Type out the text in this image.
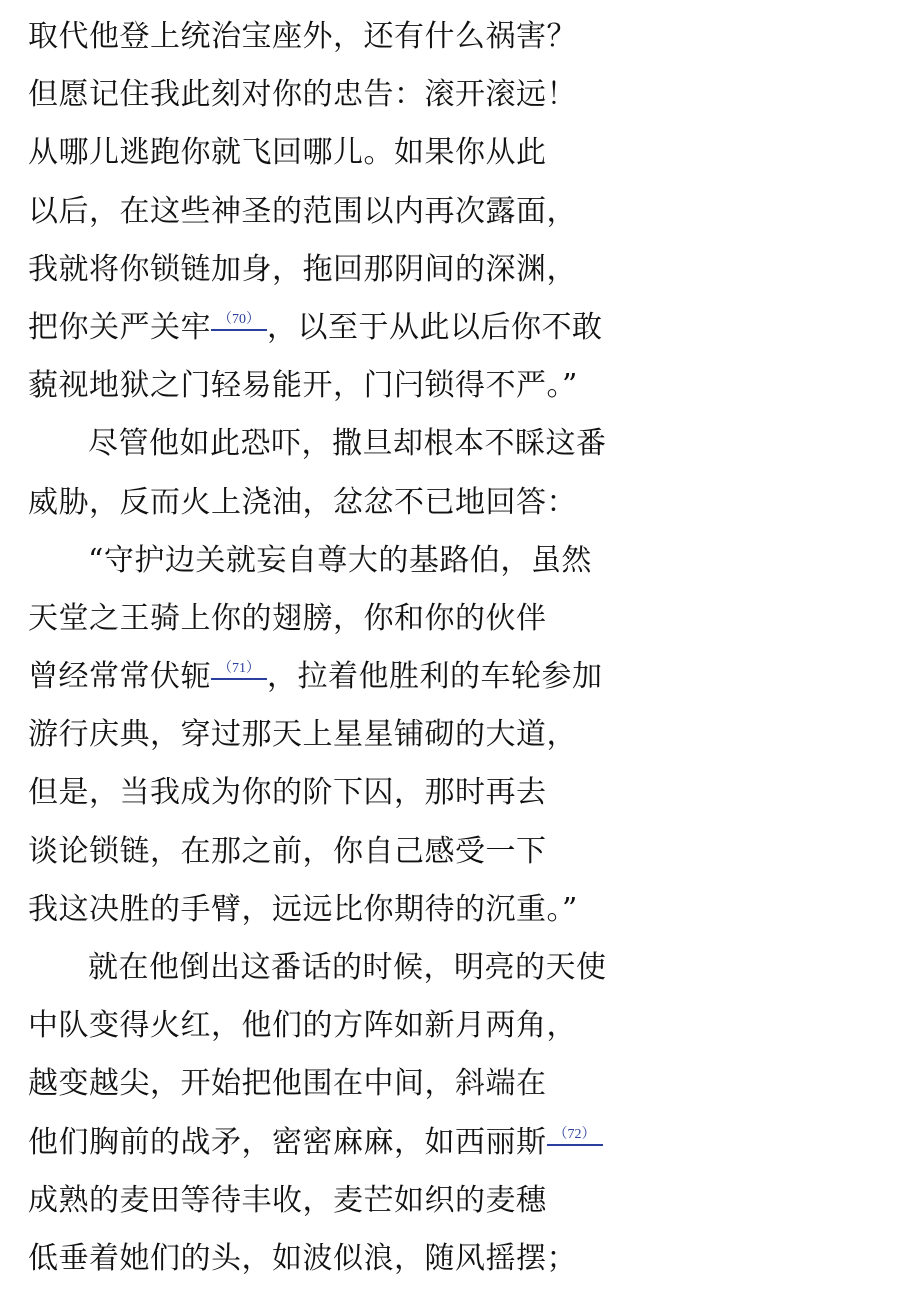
取代他登上统治宝座外，还有什么祸害？
但愿记住我此刻对你的忠告：滚开滚远！
从哪儿逃跑你就飞回哪儿。如果你从此
以后，在这些神圣的范围以内再次露面，
我就将你锁链加身，拖回那阴间的深渊，
把你关严关牢 （70） ，以至于从此以后你不敢
藐视地狱之门轻易能开，门闩锁得不严。”
尽管他如此恐吓，撒旦却根本不睬这番
威胁，反而火上浇油，忿忿不已地回答：
“守护边关就妄自尊大的基路伯，虽然
天堂之王骑上你的翅膀，你和你的伙伴
曾经常常伏轭 （71） ，拉着他胜利的车轮参加
游行庆典，穿过那天上星星铺砌的大道，
但是，当我成为你的阶下囚，那时再去
谈论锁链，在那之前，你自己感受一下
我这决胜的手臂，远远比你期待的沉重。”
就在他倒出这番话的时候，明亮的天使
中队变得火红，他们的方阵如新月两角，
越变越尖，开始把他围在中间，斜端在
他们胸前的战矛，密密麻麻，如西丽斯 （72）
成熟的麦田等待丰收，麦芒如织的麦穗
低垂着她们的头，如波似浪，随风摇摆；
